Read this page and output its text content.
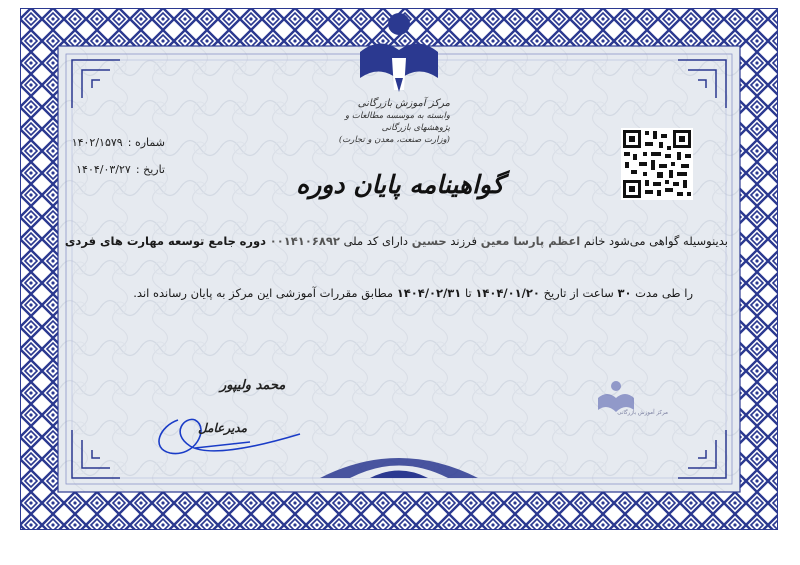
مرکز آموزش بازرگانی
وابسته به موسسه مطالعات و پژوهشهای بازرگانی
(وزارت صنعت، معدن و تجارت)
شماره : ۱۴۰۲/۱۵۷۹
تاریخ : ۱۴۰۴/۰۳/۲۷
گواهینامه پایان دوره
بدینوسیله گواهی می‌شود خانم اعظم پارسا معین فرزند حسین دارای کد ملی ۰۰۱۴۱۰۶۸۹۲ دوره جامع توسعه مهارت های فردی
را طی مدت ۳۰ ساعت از تاریخ ۱۴۰۴/۰۱/۲۰ تا ۱۴۰۴/۰۲/۳۱ مطابق مقررات آموزشی این مرکز به پایان رسانده اند.
محمد ولیپور
مدیرعامل
مرکز آموزش بازرگانی
